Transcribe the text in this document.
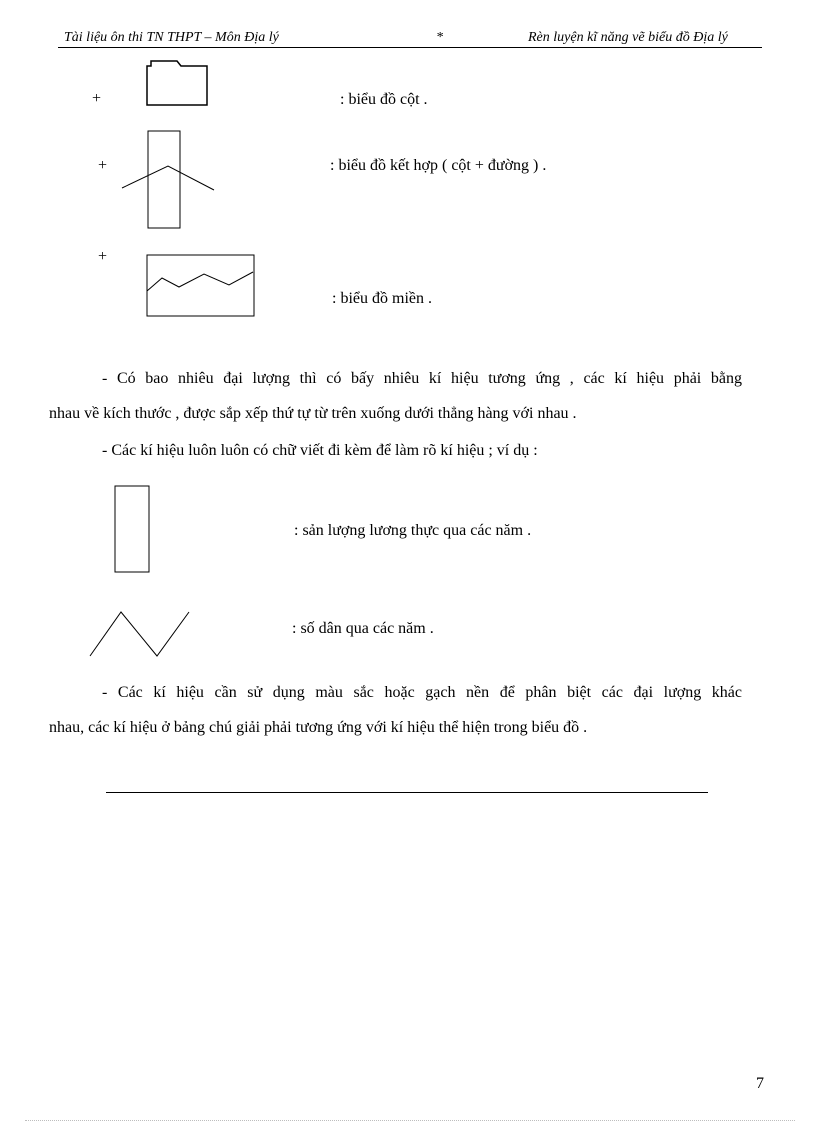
Tài liệu ôn thi TN THPT – Môn Địa lý	*	Rèn luyện kĩ năng vẽ biểu đồ Địa lý
+	: biểu đồ cột .
+	: biểu đồ kết hợp ( cột + đường ) .
+
: biểu đồ miền .

- Có bao nhiêu đại lượng thì có bấy nhiêu kí hiệu tương ứng , các kí hiệu phải bằng

nhau về kích thước , được sắp xếp thứ tự từ trên xuống dưới thẳng hàng với nhau .

- Các kí hiệu luôn luôn có chữ viết đi kèm để làm rõ kí hiệu ; ví dụ :

: sản lượng lương thực qua các năm .
: số dân qua các năm .

- Các kí hiệu cần sử dụng màu sắc hoặc gạch nền để phân biệt các đại lượng khác

nhau, các kí hiệu ở bảng chú giải phải tương ứng với kí hiệu thể hiện trong biểu đồ .

7
